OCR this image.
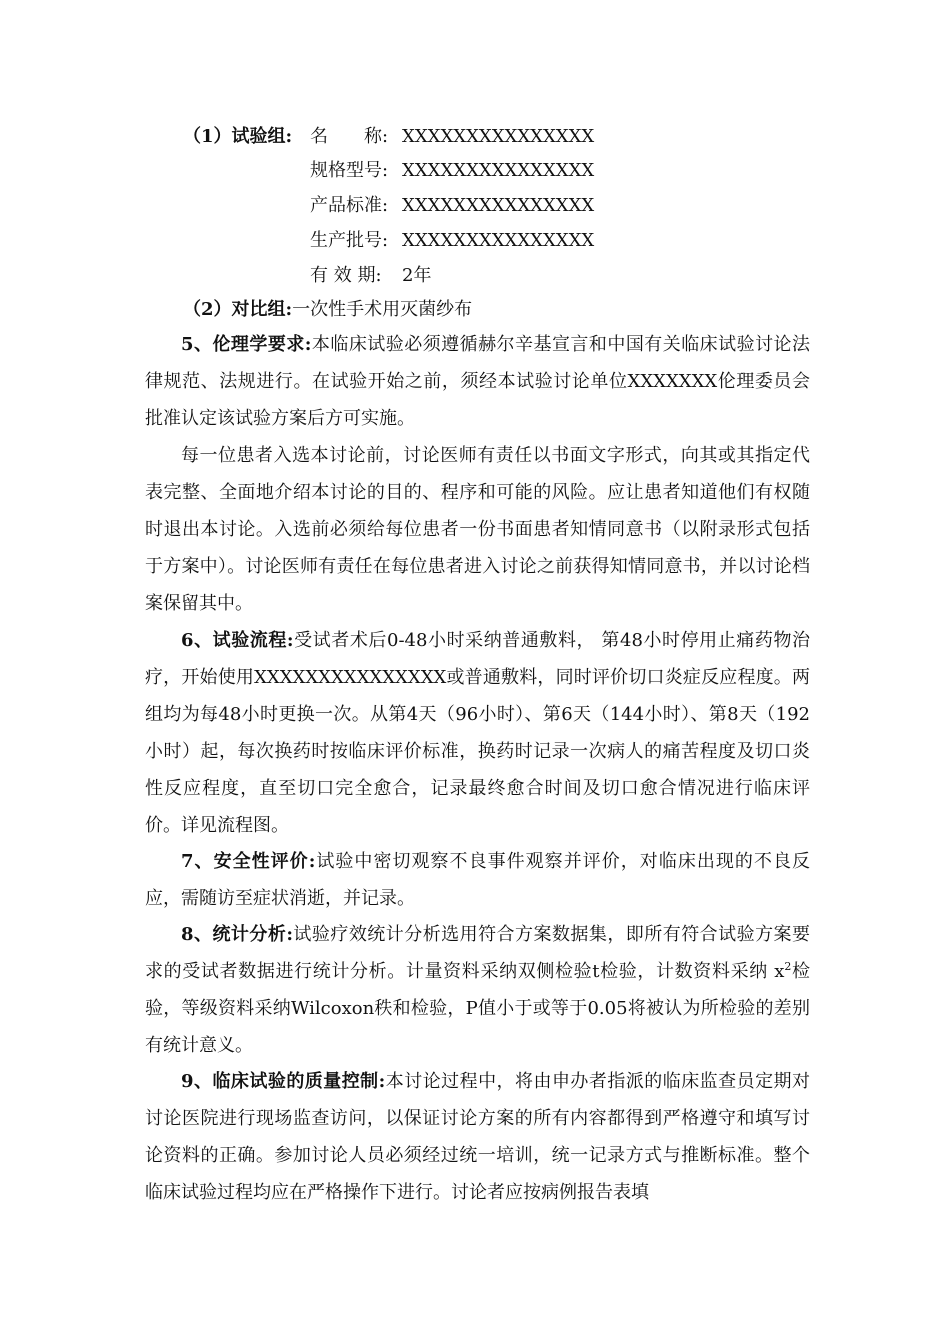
（1）试验组: 名　　称: XXXXXXXXXXXXXXX
规格型号: XXXXXXXXXXXXXXX
产品标准: XXXXXXXXXXXXXXX
生产批号: XXXXXXXXXXXXXXX
有 效 期: 2年
（2）对比组:一次性手术用灭菌纱布

5、伦理学要求:本临床试验必须遵循赫尔辛基宣言和中国有关临床试验讨论法律规范、法规进行。在试验开始之前，须经本试验讨论单位XXXXXXX伦理委员会批准认定该试验方案后方可实施。

每一位患者入选本讨论前，讨论医师有责任以书面文字形式，向其或其指定代表完整、全面地介绍本讨论的目的、程序和可能的风险。应让患者知道他们有权随时退出本讨论。入选前必须给每位患者一份书面患者知情同意书（以附录形式包括于方案中）。讨论医师有责任在每位患者进入讨论之前获得知情同意书，并以讨论档案保留其中。

6、试验流程:受试者术后0-48小时采纳普通敷料， 第48小时停用止痛药物治疗，开始使用XXXXXXXXXXXXXXX或普通敷料，同时评价切口炎症反应程度。两组均为每48小时更换一次。从第4天（96小时）、第6天（144小时）、第8天（192小时）起，每次换药时按临床评价标准，换药时记录一次病人的痛苦程度及切口炎性反应程度，直至切口完全愈合，记录最终愈合时间及切口愈合情况进行临床评价。详见流程图。

7、安全性评价:试验中密切观察不良事件观察并评价，对临床出现的不良反应，需随访至症状消逝，并记录。

8、统计分析:试验疗效统计分析选用符合方案数据集，即所有符合试验方案要求的受试者数据进行统计分析。计量资料采纳双侧检验t检验，计数资料采纳 $x^2$检验，等级资料采纳Wilcoxon秩和检验，P值小于或等于0.05将被认为所检验的差别有统计意义。

9、临床试验的质量控制:本讨论过程中，将由申办者指派的临床监查员定期对讨论医院进行现场监查访问，以保证讨论方案的所有内容都得到严格遵守和填写讨论资料的正确。参加讨论人员必须经过统一培训，统一记录方式与推断标准。整个临床试验过程均应在严格操作下进行。讨论者应按病例报告表填
